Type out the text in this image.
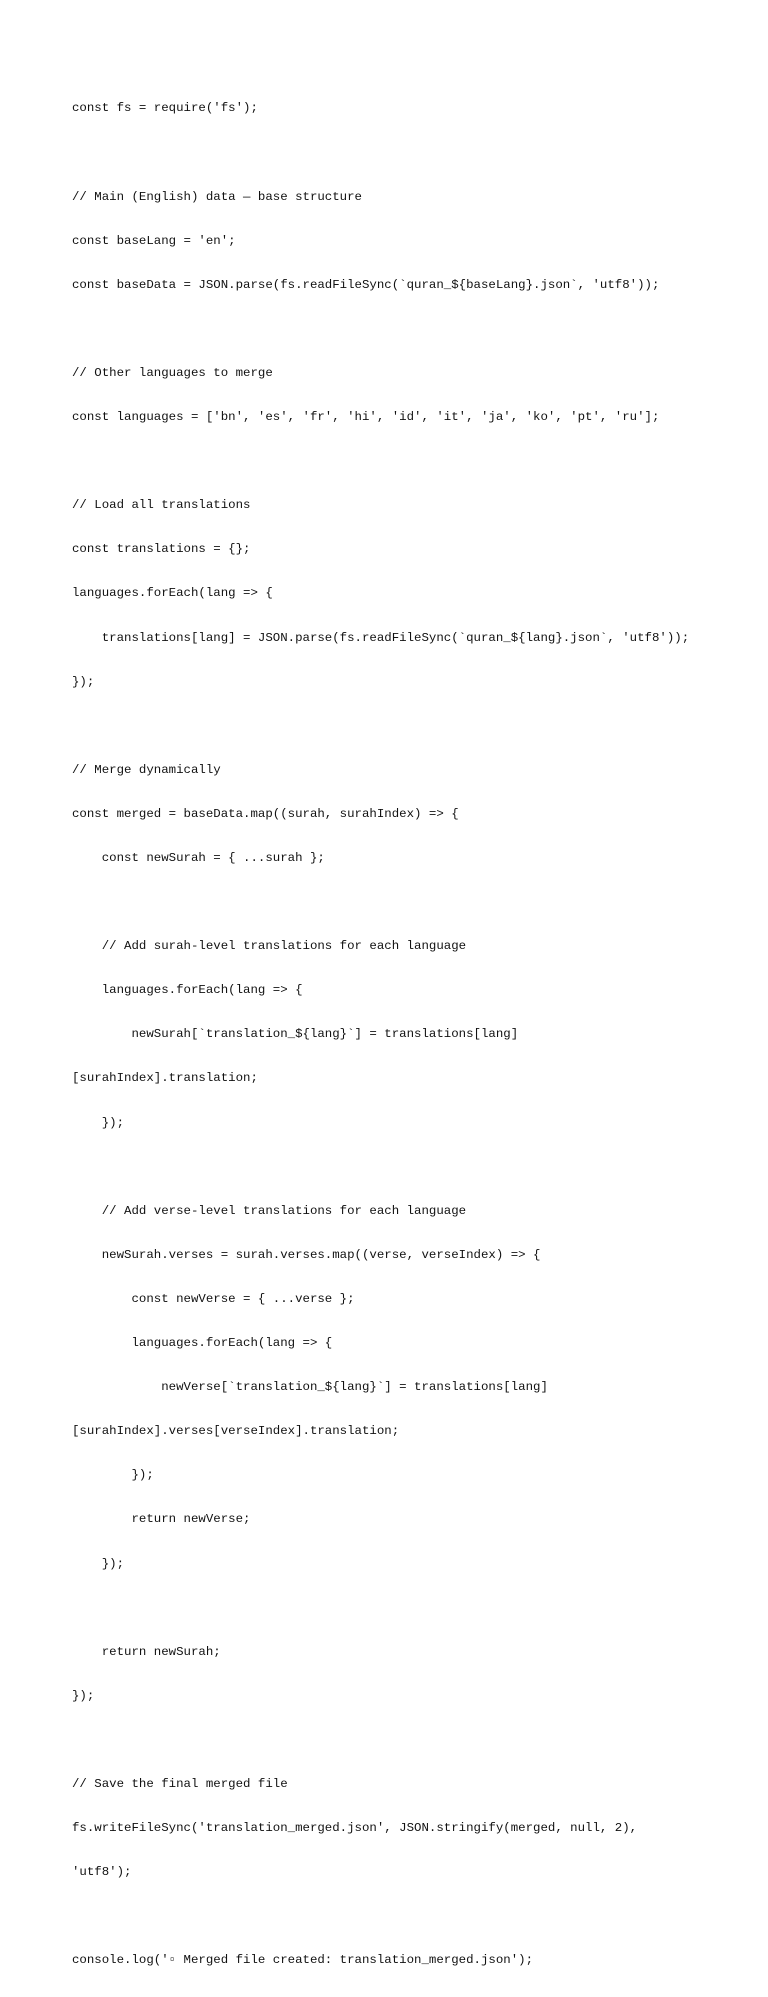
const fs = require('fs');

// Main (English) data — base structure

const baseLang = 'en';

const baseData = JSON.parse(fs.readFileSync(`quran_${baseLang}.json`, 'utf8'));

// Other languages to merge

const languages = ['bn', 'es', 'fr', 'hi', 'id', 'it', 'ja', 'ko', 'pt', 'ru'];

// Load all translations

const translations = {};

languages.forEach(lang => {

translations[lang] = JSON.parse(fs.readFileSync(`quran_${lang}.json`, 'utf8'));

});

// Merge dynamically

const merged = baseData.map((surah, surahIndex) => {

const newSurah = { ...surah };

// Add surah-level translations for each language

languages.forEach(lang => {

newSurah[`translation_${lang}`] = translations[lang]

[surahIndex].translation;

});

// Add verse-level translations for each language

newSurah.verses = surah.verses.map((verse, verseIndex) => {

const newVerse = { ...verse };

languages.forEach(lang => {

newVerse[`translation_${lang}`] = translations[lang]

[surahIndex].verses[verseIndex].translation;

});

return newVerse;

});

return newSurah;

});

// Save the final merged file

fs.writeFileSync('translation_merged.json', JSON.stringify(merged, null, 2),

'utf8');

console.log('▫ Merged file created: translation_merged.json');
